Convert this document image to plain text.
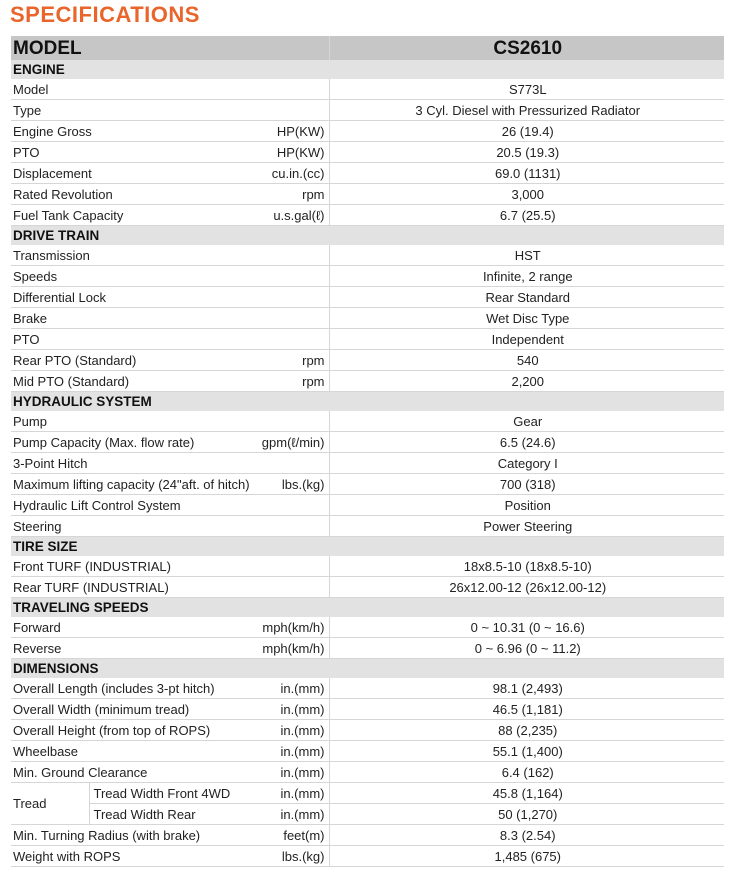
SPECIFICATIONS
MODEL			CS2610
ENGINE			
Model			S773L
Type			3 Cyl. Diesel with Pressurized Radiator
Engine Gross		HP(KW)	26 (19.4)
PTO		HP(KW)	20.5 (19.3)
Displacement		cu.in.(cc)	69.0 (1131)
Rated Revolution		rpm	3,000
Fuel Tank Capacity		u.s.gal(ℓ)	6.7 (25.5)
DRIVE TRAIN			
Transmission			HST
Speeds			Infinite, 2 range
Differential Lock			Rear Standard
Brake			Wet Disc Type
PTO			Independent
Rear PTO (Standard)		rpm	540
Mid PTO (Standard)		rpm	2,200
HYDRAULIC SYSTEM			
Pump			Gear
Pump Capacity (Max. flow rate)		gpm(ℓ/min)	6.5 (24.6)
3-Point Hitch			Category I
Maximum lifting capacity (24"aft. of hitch)		lbs.(kg)	700 (318)
Hydraulic Lift Control System			Position
Steering			Power Steering
TIRE SIZE			
Front TURF (INDUSTRIAL)			18x8.5-10 (18x8.5-10)
Rear TURF (INDUSTRIAL)			26x12.00-12 (26x12.00-12)
TRAVELING SPEEDS			
Forward		mph(km/h)	0 ~ 10.31 (0 ~ 16.6)
Reverse		mph(km/h)	0 ~ 6.96 (0 ~ 11.2)
DIMENSIONS			
Overall Length (includes 3-pt hitch)		in.(mm)	98.1 (2,493)
Overall Width (minimum tread)		in.(mm)	46.5 (1,181)
Overall Height (from top of ROPS)		in.(mm)	88 (2,235)
Wheelbase		in.(mm)	55.1 (1,400)
Min. Ground Clearance		in.(mm)	6.4 (162)
Tread	Tread Width Front 4WD	in.(mm)	45.8 (1,164)
	Tread Width Rear	in.(mm)	50 (1,270)
Min. Turning Radius (with brake)		feet(m)	8.3 (2.54)
Weight with ROPS		lbs.(kg)	1,485 (675)
